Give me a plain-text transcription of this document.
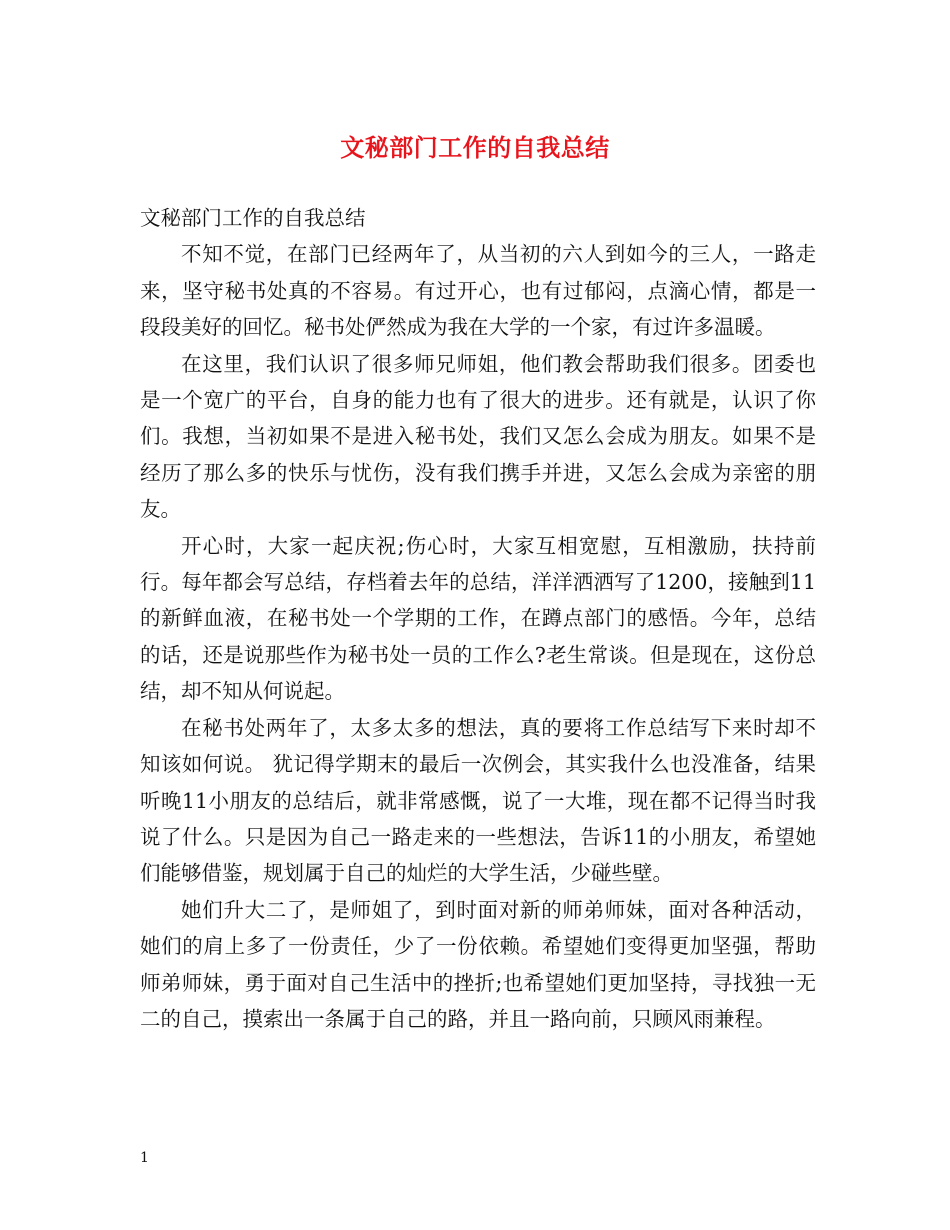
文秘部门工作的自我总结

文秘部门工作的自我总结

不知不觉，在部门已经两年了，从当初的六人到如今的三人，一路走来，坚守秘书处真的不容易。有过开心，也有过郁闷，点滴心情，都是一段段美好的回忆。秘书处俨然成为我在大学的一个家，有过许多温暖。

在这里，我们认识了很多师兄师姐，他们教会帮助我们很多。团委也是一个宽广的平台，自身的能力也有了很大的进步。还有就是，认识了你们。我想，当初如果不是进入秘书处，我们又怎么会成为朋友。如果不是经历了那么多的快乐与忧伤，没有我们携手并进，又怎么会成为亲密的朋友。

开心时，大家一起庆祝;伤心时，大家互相宽慰，互相激励，扶持前行。每年都会写总结，存档着去年的总结，洋洋洒洒写了1200，接触到11的新鲜血液，在秘书处一个学期的工作，在蹲点部门的感悟。今年，总结的话，还是说那些作为秘书处一员的工作么?老生常谈。但是现在，这份总结，却不知从何说起。

在秘书处两年了，太多太多的想法，真的要将工作总结写下来时却不知该如何说。 犹记得学期末的最后一次例会，其实我什么也没准备，结果听晚11小朋友的总结后，就非常感慨，说了一大堆，现在都不记得当时我说了什么。只是因为自己一路走来的一些想法，告诉11的小朋友，希望她们能够借鉴，规划属于自己的灿烂的大学生活，少碰些壁。

她们升大二了，是师姐了，到时面对新的师弟师妹，面对各种活动，她们的肩上多了一份责任，少了一份依赖。希望她们变得更加坚强，帮助师弟师妹，勇于面对自己生活中的挫折;也希望她们更加坚持，寻找独一无二的自己，摸索出一条属于自己的路，并且一路向前，只顾风雨兼程。

1
